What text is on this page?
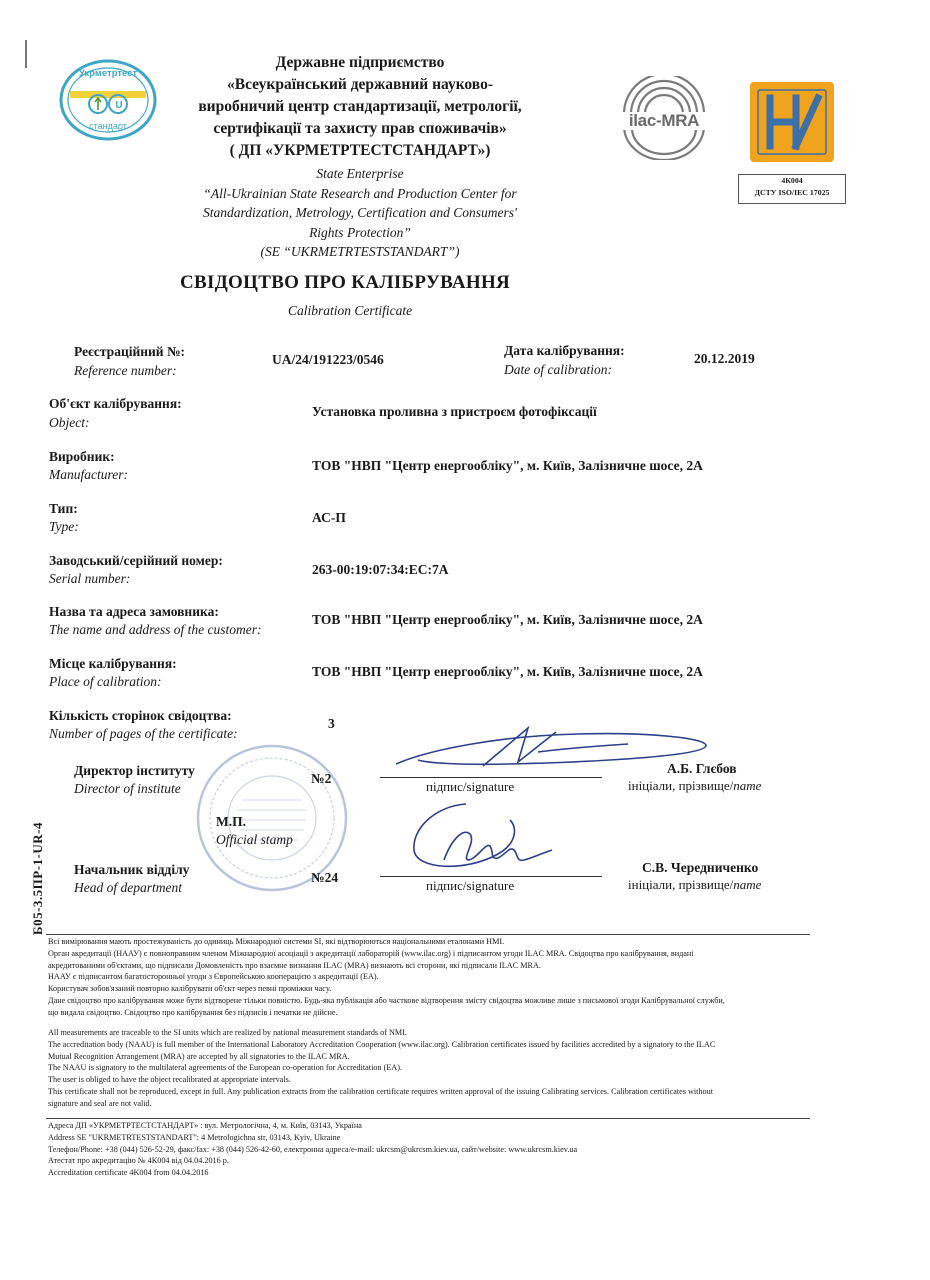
U
Укрметртест
стандарт
Державне підприємство
«Всеукраїнський державний науково-
виробничий центр стандартизації, метрології,
сертифікації та захисту прав споживачів»
( ДП «УКРМЕТРТЕСТСТАНДАРТ»)
State Enterprise
“All-Ukrainian State Research and Production Center for
Standardization, Metrology, Certification and Consumers'
Rights Protection”
(SE “UKRMETRTESTSTANDART”)
ilac-MRA
4К004
ДСТУ ISO/IEC 17025
СВІДОЦТВО ПРО КАЛІБРУВАННЯ
Calibration Certificate
Реєстраційний №:
Reference number:
UA/24/191223/0546
Дата калібрування:
Date of calibration:
20.12.2019
Об'єкт калібрування:
Object:
Установка проливна з пристроєм фотофіксації
Виробник:
Manufacturer:
ТОВ "НВП "Центр енергообліку", м. Київ, Залізничне шосе, 2А
Тип:
Type:
АС-П
Заводський/серійний номер:
Serial number:
263-00:19:07:34:ЕС:7А
Назва та адреса замовника:
The name and address of the customer:
ТОВ "НВП "Центр енергообліку", м. Київ, Залізничне шосе, 2А
Місце калібрування:
Place of calibration:
ТОВ "НВП "Центр енергообліку", м. Київ, Залізничне шосе, 2А
Кількість сторінок свідоцтва:
Number of pages of the certificate:
3
Директор інституту
Director of institute
№2
підпис/signature
А.Б. Глєбов
ініціали, прізвище/name
М.П.
Official stamp
Начальник відділу
Head of department
№24
підпис/signature
С.В. Чередниченко
ініціали, прізвище/name
Б05-3.5ПР-1-UR-4
Всі вимірювання мають простежуваність до одиниць Міжнародної системи SI, які відтворюються національними еталонами НМІ.
Орган акредитації (НААУ) є повноправним членом Міжнародної асоціації з акредитації лабораторій (www.ilac.org) і підписантом угоди ILAC MRA. Свідоцтва про калібрування, видані
акредитованими об'єктами, що підписали Домовленість про взаємне визнання ILAC (MRA) визнають всі сторони, які підписали ILAC MRA.
НААУ є підписантом багатосторонньої угоди з Європейською кооперацією з акредитації (ЕА).
Користувач зобов'язаний повторно калібрувати об'єкт через певні проміжки часу.
Дане свідоцтво про калібрування може бути відтворене тільки повністю. Будь-яка публікація або часткове відтворення змісту свідоцтва можливе лише з письмової згоди Калібрувальної служби,
що видала свідоцтво. Свідоцтво про калібрування без підписів і печатки не дійсне.
All measurements are traceable to the SI units which are realized by national measurement standards of NMI.
The accreditation body (NAAU) is full member of the International Laboratory Accreditation Cooperation (www.ilac.org). Calibration certificates issued by facilities accredited by a signatory to the ILAC
Mutual Recognition Arrangement (MRA) are accepted by all signatories to the ILAC MRA.
The NAAU is signatory to the multilateral agreements of the European co-operation for Accreditation (EA).
The user is obliged to have the object recalibrated at appropriate intervals.
This certificate shall not be reproduced, except in full. Any publication extracts from the calibration certificate requires written approval of the issuing Calibrating services. Calibration certificates without
signature and seal are not valid.
Адреса ДП «УКРМЕТРТЕСТСТАНДАРТ» : вул. Метрологічна, 4, м. Київ, 03143, Україна
Address SE "UKRMETRTESTSTANDART": 4 Metrologichna str, 03143, Kyiv, Ukraine
Телефон/Phone: +38 (044) 526-52-29, факс/fax: +38 (044) 526-42-60, електронна адреса/e-mail: ukrcsm@ukrcsm.kiev.ua, сайт/website: www.ukrcsm.kiev.ua
Атестат про акредитацію № 4К004 від 04.04.2016 р.
Accreditation certificate 4K004 from 04.04.2016
